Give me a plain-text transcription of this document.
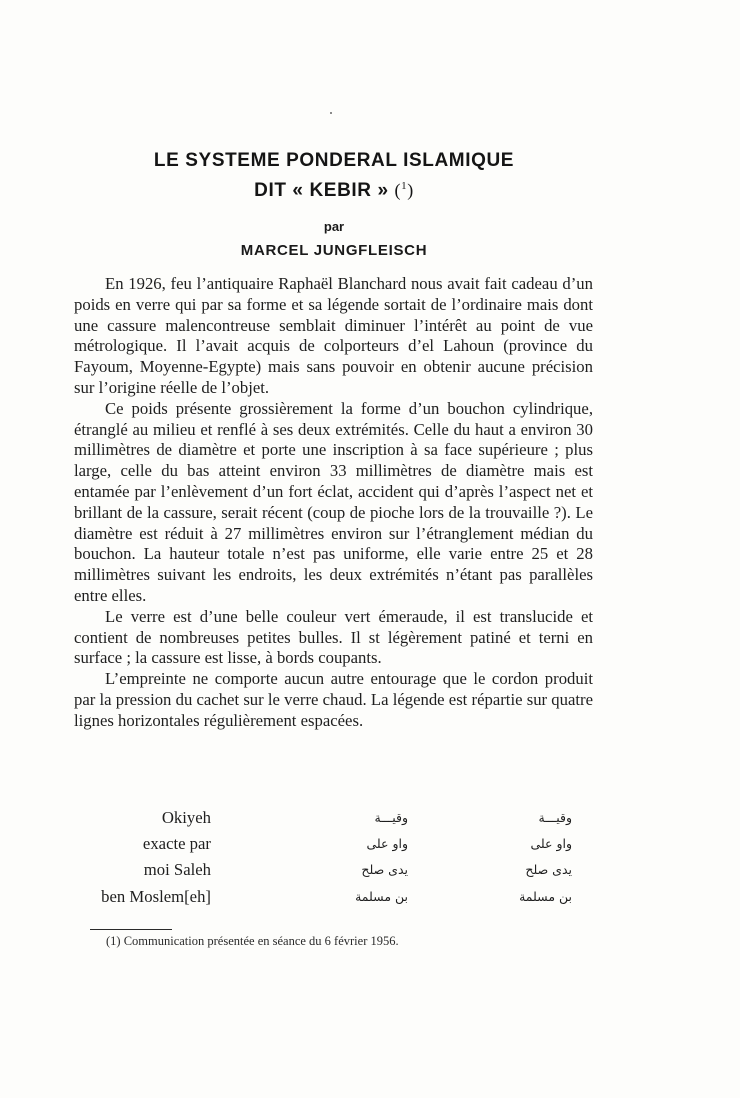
LE SYSTEME PONDERAL ISLAMIQUE
DIT « KEBIR » ($^1$)
par
MARCEL JUNGFLEISCH

En 1926, feu l’antiquaire Raphaël Blanchard nous avait fait cadeau d’un poids en verre qui par sa forme et sa légende sortait de l’ordinaire mais dont une cassure malencontreuse semblait diminuer l’intérêt au point de vue métrologique. Il l’avait acquis de colporteurs d’el Lahoun (province du Fayoum, Moyenne-Egypte) mais sans pouvoir en obtenir aucune précision sur l’origine réelle de l’objet.

Ce poids présente grossièrement la forme d’un bouchon cylindrique, étranglé au milieu et renflé à ses deux extrémités. Celle du haut a environ 30 millimètres de diamètre et porte une inscription à sa face supérieure ; plus large, celle du bas atteint environ 33 millimètres de diamètre mais est entamée par l’enlèvement d’un fort éclat, accident qui d’après l’aspect net et brillant de la cassure, serait récent (coup de pioche lors de la trouvaille ?). Le diamètre est réduit à 27 millimètres environ sur l’étranglement médian du bouchon. La hauteur totale n’est pas uniforme, elle varie entre 25 et 28 millimètres suivant les endroits, les deux extrémités n’étant pas parallèles entre elles.

Le verre est d’une belle couleur vert émeraude, il est translucide et contient de nombreuses petites bulles. Il st légèrement patiné et terni en surface ; la cassure est lisse, à bords coupants.

L’empreinte ne comporte aucun autre entourage que le cordon produit par la pression du cachet sur le verre chaud. La légende est répartie sur quatre lignes horizontales régulièrement espacées.

Okiyeh	وقيـــة	وقيـــة
exacte par	واو على	واو على
moi Saleh	يدى صلح	يدى صلح
ben Moslem[eh]	بن مسلمة	بن مسلمة
(1) Communication présentée en séance du 6 février 1956.
